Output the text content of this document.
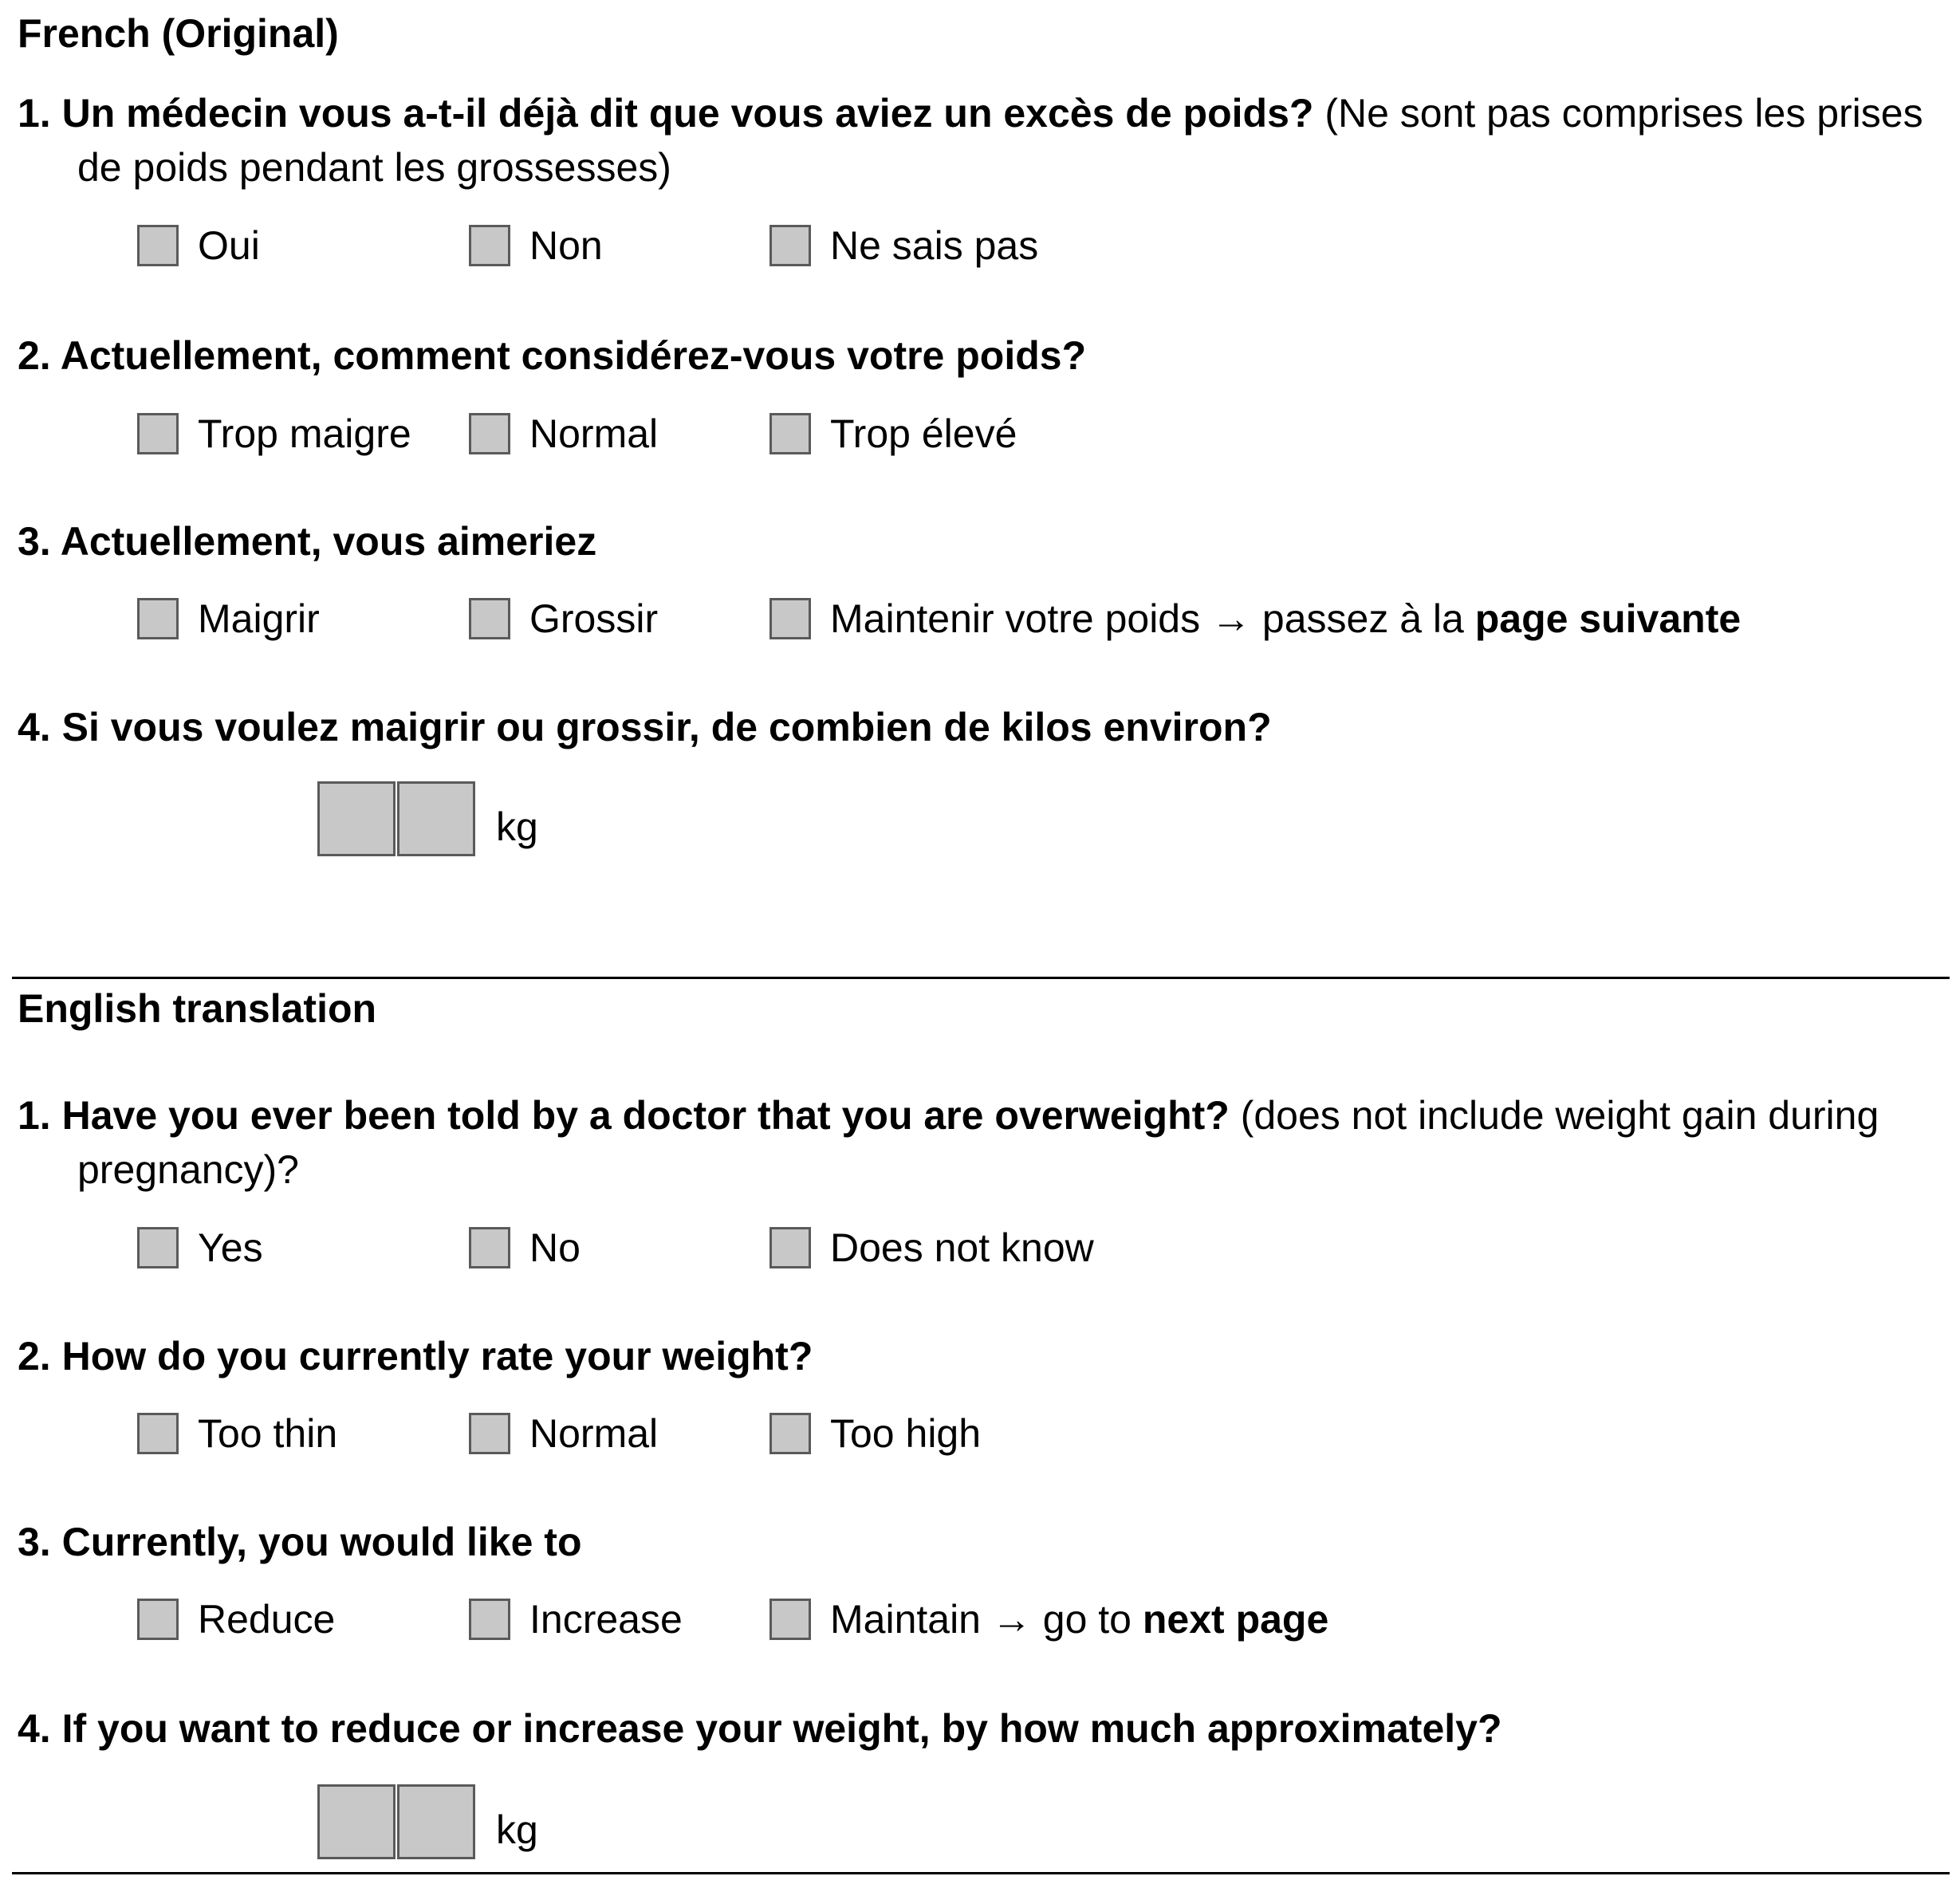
French (Original)
1. Un médecin vous a-t-il déjà dit que vous aviez un excès de poids? (Ne sont pas comprises les prises de poids pendant les grossesses)
Oui	Non	Ne sais pas
2. Actuellement, comment considérez-vous votre poids?
Trop maigre	Normal	Trop élevé
3. Actuellement, vous aimeriez
Maigrir	Grossir	Maintenir votre poids → passez à la page suivante
4. Si vous voulez maigrir ou grossir, de combien de kilos environ?
kg
English translation
1. Have you ever been told by a doctor that you are overweight? (does not include weight gain during pregnancy)?
Yes	No	Does not know
2. How do you currently rate your weight?
Too thin	Normal	Too high
3. Currently, you would like to
Reduce	Increase	Maintain → go to next page
4. If you want to reduce or increase your weight, by how much approximately?
kg
